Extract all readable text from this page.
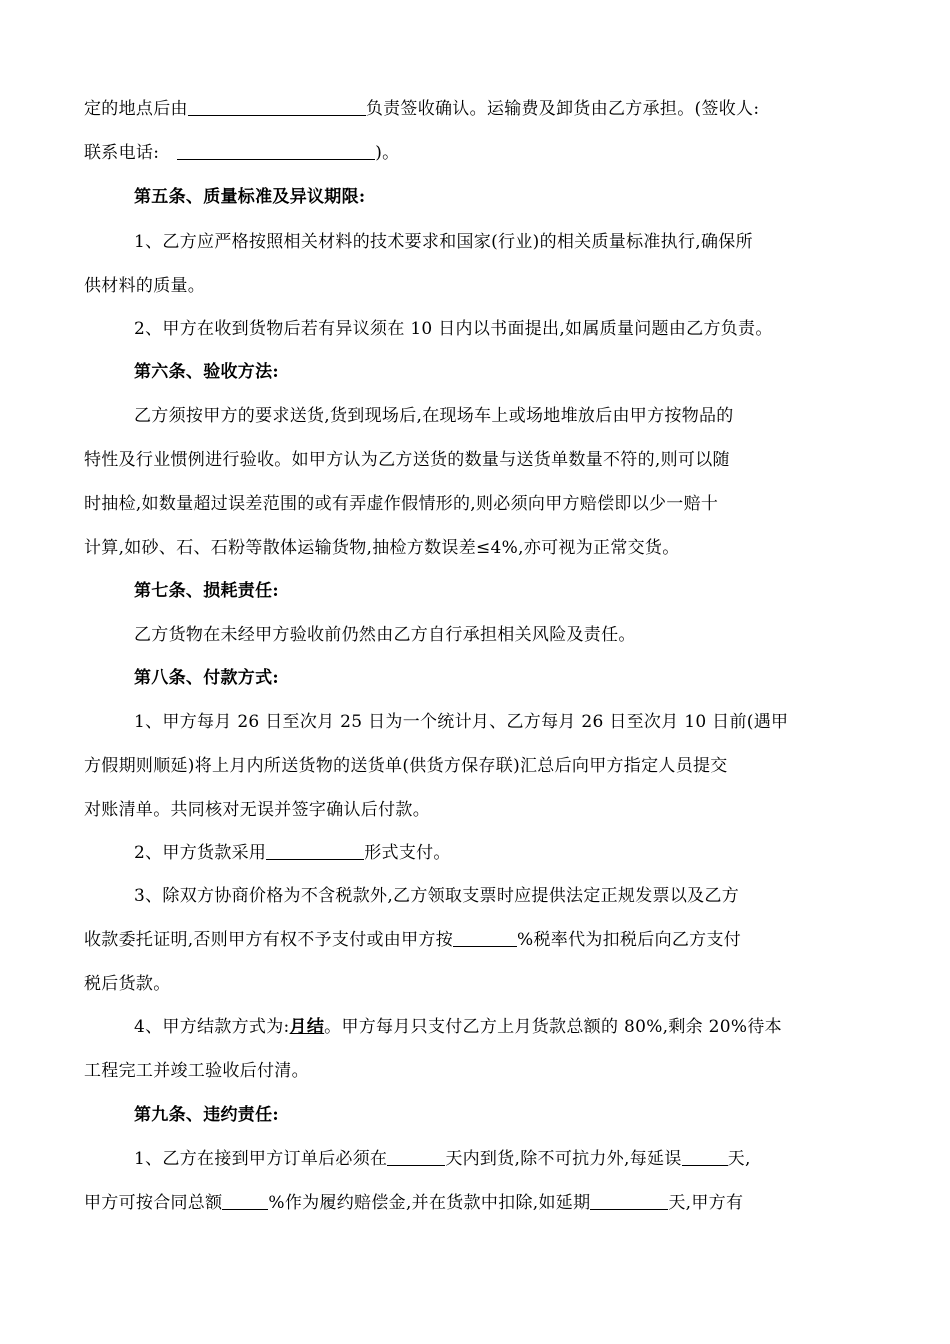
定的地点后由	负责签收确认。运输费及卸货由乙方承担。(签收人:
联系电话:	)。
第五条、质量标准及异议期限:
1、乙方应严格按照相关材料的技术要求和国家(行业)的相关质量标准执行,确保所
供材料的质量。
2、甲方在收到货物后若有异议须在 10 日内以书面提出,如属质量问题由乙方负责。
第六条、验收方法:
乙方须按甲方的要求送货,货到现场后,在现场车上或场地堆放后由甲方按物品的
特性及行业惯例进行验收。如甲方认为乙方送货的数量与送货单数量不符的,则可以随
时抽检,如数量超过误差范围的或有弄虚作假情形的,则必须向甲方赔偿即以少一赔十
计算,如砂、石、石粉等散体运输货物,抽检方数误差≤4%,亦可视为正常交货。
第七条、损耗责任:
乙方货物在未经甲方验收前仍然由乙方自行承担相关风险及责任。
第八条、付款方式:
1、甲方每月 26 日至次月 25 日为一个统计月、乙方每月 26 日至次月 10 日前(遇甲
方假期则顺延)将上月内所送货物的送货单(供货方保存联)汇总后向甲方指定人员提交
对账清单。共同核对无误并签字确认后付款。
2、甲方货款采用	形式支付。
3、除双方协商价格为不含税款外,乙方领取支票时应提供法定正规发票以及乙方
收款委托证明,否则甲方有权不予支付或由甲方按	%税率代为扣税后向乙方支付
税后货款。
4、甲方结款方式为:月结。甲方每月只支付乙方上月货款总额的 80%,剩余 20%待本
工程完工并竣工验收后付清。
第九条、违约责任:
1、乙方在接到甲方订单后必须在	天内到货,除不可抗力外,每延误	天,
甲方可按合同总额	%作为履约赔偿金,并在货款中扣除,如延期	天,甲方有
